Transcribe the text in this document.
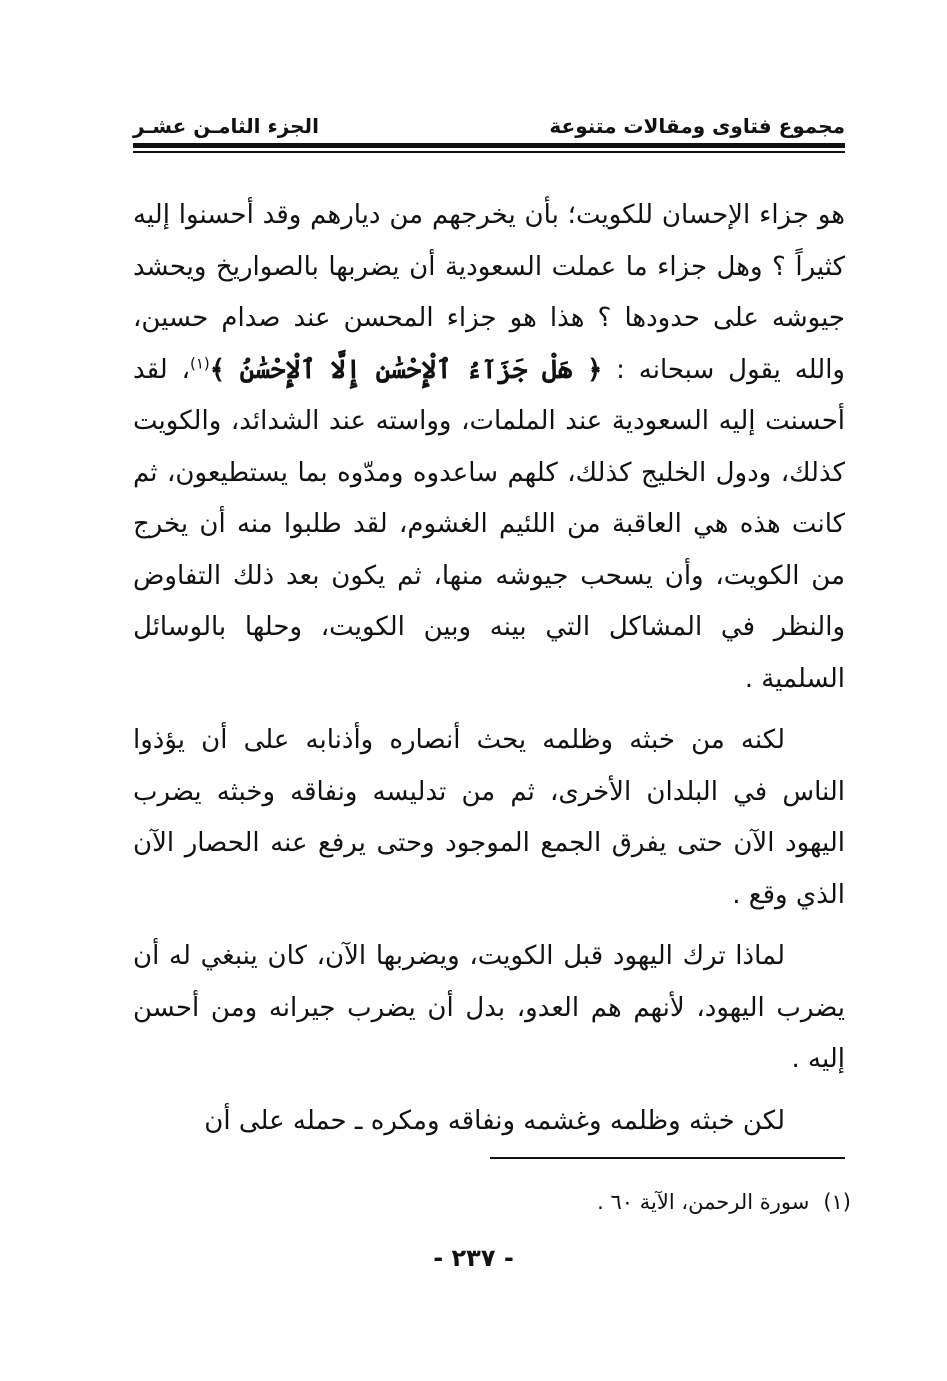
مجموع فتاوى ومقالات متنوعة
الجزء الثامـن عشـر

هو جزاء الإحسان للكويت؛ بأن يخرجهم من ديارهم وقد أحسنوا إليه كثيراً ؟ وهل جزاء ما عملت السعودية أن يضربها بالصواريخ ويحشد جيوشه على حدودها ؟ هذا هو جزاء المحسن عند صدام حسين، والله يقول سبحانه : ﴿ هَلْ جَزَآءُ ٱلْإِحْسَٰنِ إِلَّا ٱلْإِحْسَٰنُ ﴾$^{(١)}$، لقد أحسنت إليه السعودية عند الملمات، وواسته عند الشدائد، والكويت كذلك، ودول الخليج كذلك، كلهم ساعدوه ومدّوه بما يستطيعون، ثم كانت هذه هي العاقبة من اللئيم الغشوم، لقد طلبوا منه أن يخرج من الكويت، وأن يسحب جيوشه منها، ثم يكون بعد ذلك التفاوض والنظر في المشاكل التي بينه وبين الكويت، وحلها بالوسائل السلمية .

لكنه من خبثه وظلمه يحث أنصاره وأذنابه على أن يؤذوا الناس في البلدان الأخرى، ثم من تدليسه ونفاقه وخبثه يضرب اليهود الآن حتى يفرق الجمع الموجود وحتى يرفع عنه الحصار الآن الذي وقع .

لماذا ترك اليهود قبل الكويت، ويضربها الآن، كان ينبغي له أن يضرب اليهود، لأنهم هم العدو، بدل أن يضرب جيرانه ومن أحسن إليه .

لكن خبثه وظلمه وغشمه ونفاقه ومكره ـ حمله على أن

(١)سورة الرحمن، الآية ٦٠ .
- ٢٣٧ -
